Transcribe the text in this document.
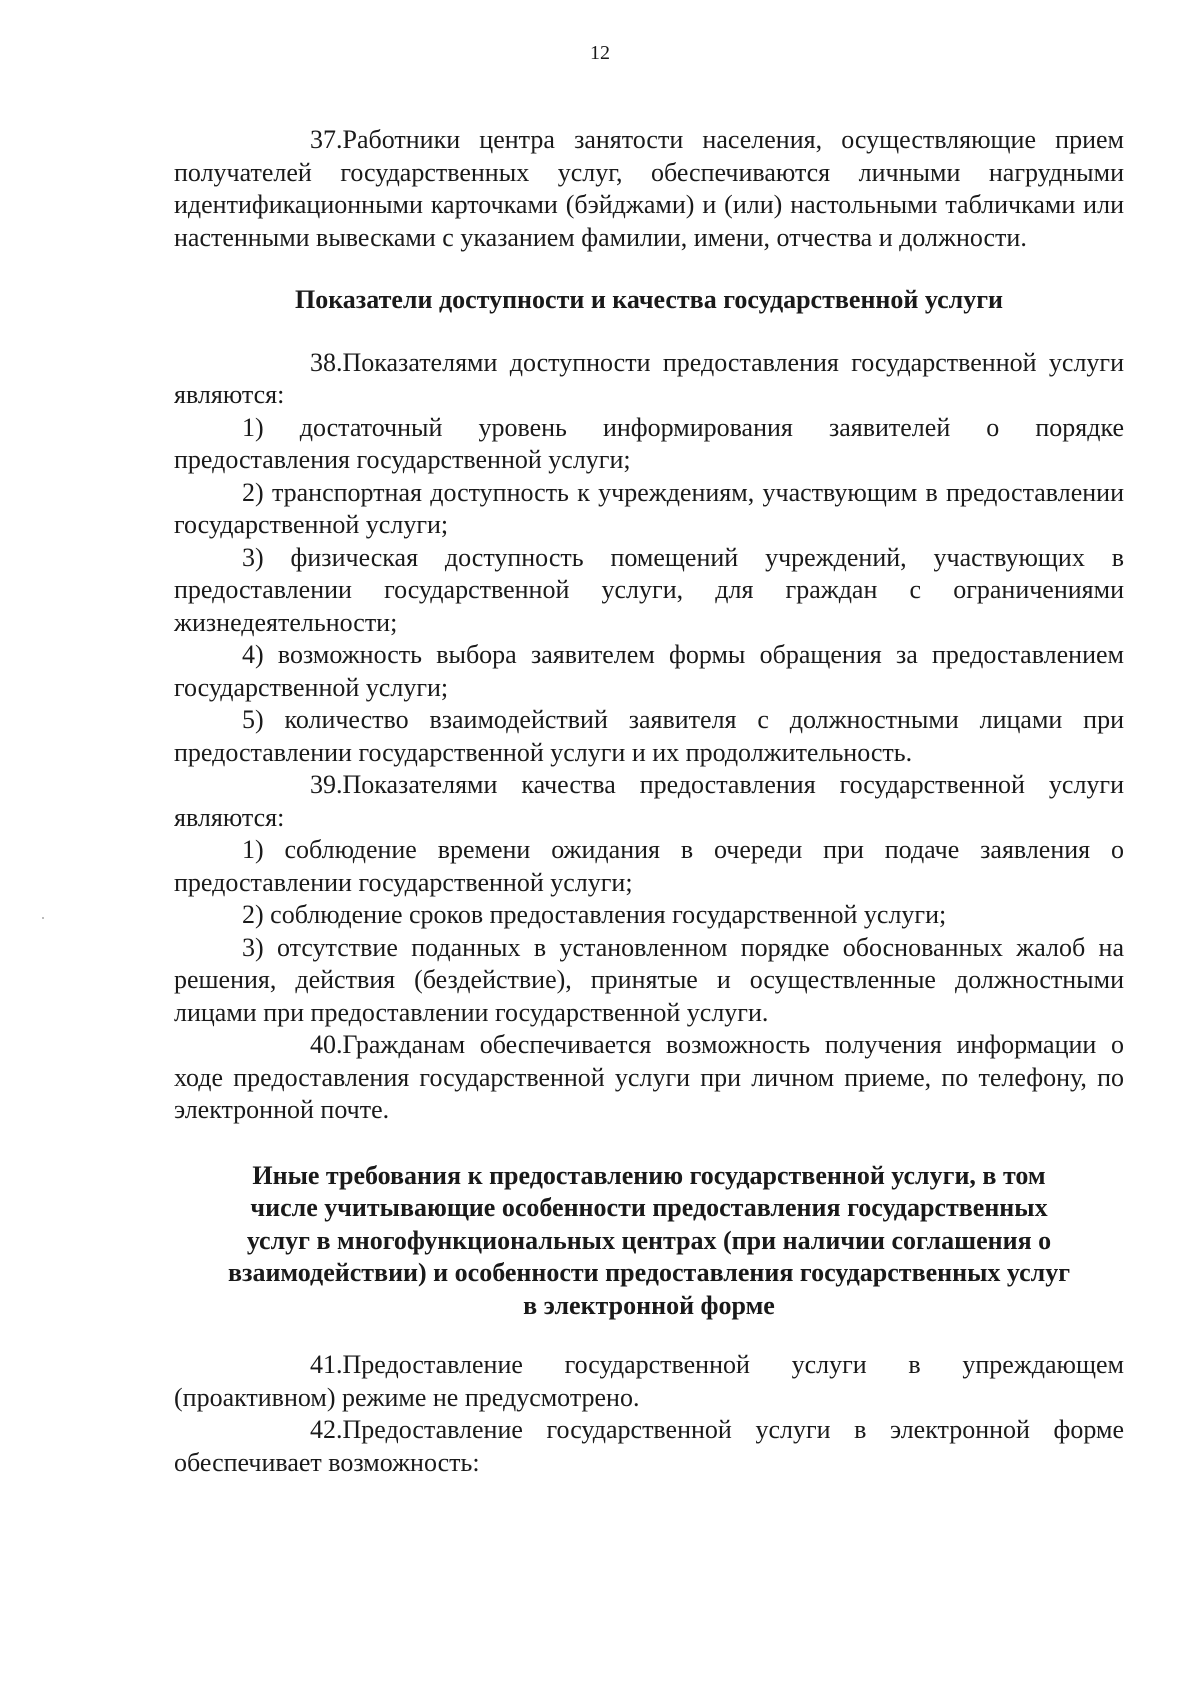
12

37.Работники центра занятости населения, осуществляющие прием получателей государственных услуг, обеспечиваются личными нагрудными идентификационными карточками (бэйджами) и (или) настольными табличками или настенными вывесками с указанием фамилии, имени, отчества и должности.

Показатели доступности и качества государственной услуги

38.Показателями доступности предоставления государственной услуги являются:

1) достаточный уровень информирования заявителей о порядке предоставления государственной услуги;

2) транспортная доступность к учреждениям, участвующим в предоставлении государственной услуги;

3) физическая доступность помещений учреждений, участвующих в предоставлении государственной услуги, для граждан с ограничениями жизнедеятельности;

4) возможность выбора заявителем формы обращения за предоставлением государственной услуги;

5) количество взаимодействий заявителя с должностными лицами при предоставлении государственной услуги и их продолжительность.

39.Показателями качества предоставления государственной услуги являются:

1) соблюдение времени ожидания в очереди при подаче заявления о предоставлении государственной услуги;

2) соблюдение сроков предоставления государственной услуги;

3) отсутствие поданных в установленном порядке обоснованных жалоб на решения, действия (бездействие), принятые и осуществленные должностными лицами при предоставлении государственной услуги.

40.Гражданам обеспечивается возможность получения информации о ходе предоставления государственной услуги при личном приеме, по телефону, по электронной почте.

Иные требования к предоставлению государственной услуги, в том
числе учитывающие особенности предоставления государственных
услуг в многофункциональных центрах (при наличии соглашения о
взаимодействии) и особенности предоставления государственных услуг
в электронной форме

41.Предоставление государственной услуги в упреждающем (проактивном) режиме не предусмотрено.

42.Предоставление государственной услуги в электронной форме обеспечивает возможность:
